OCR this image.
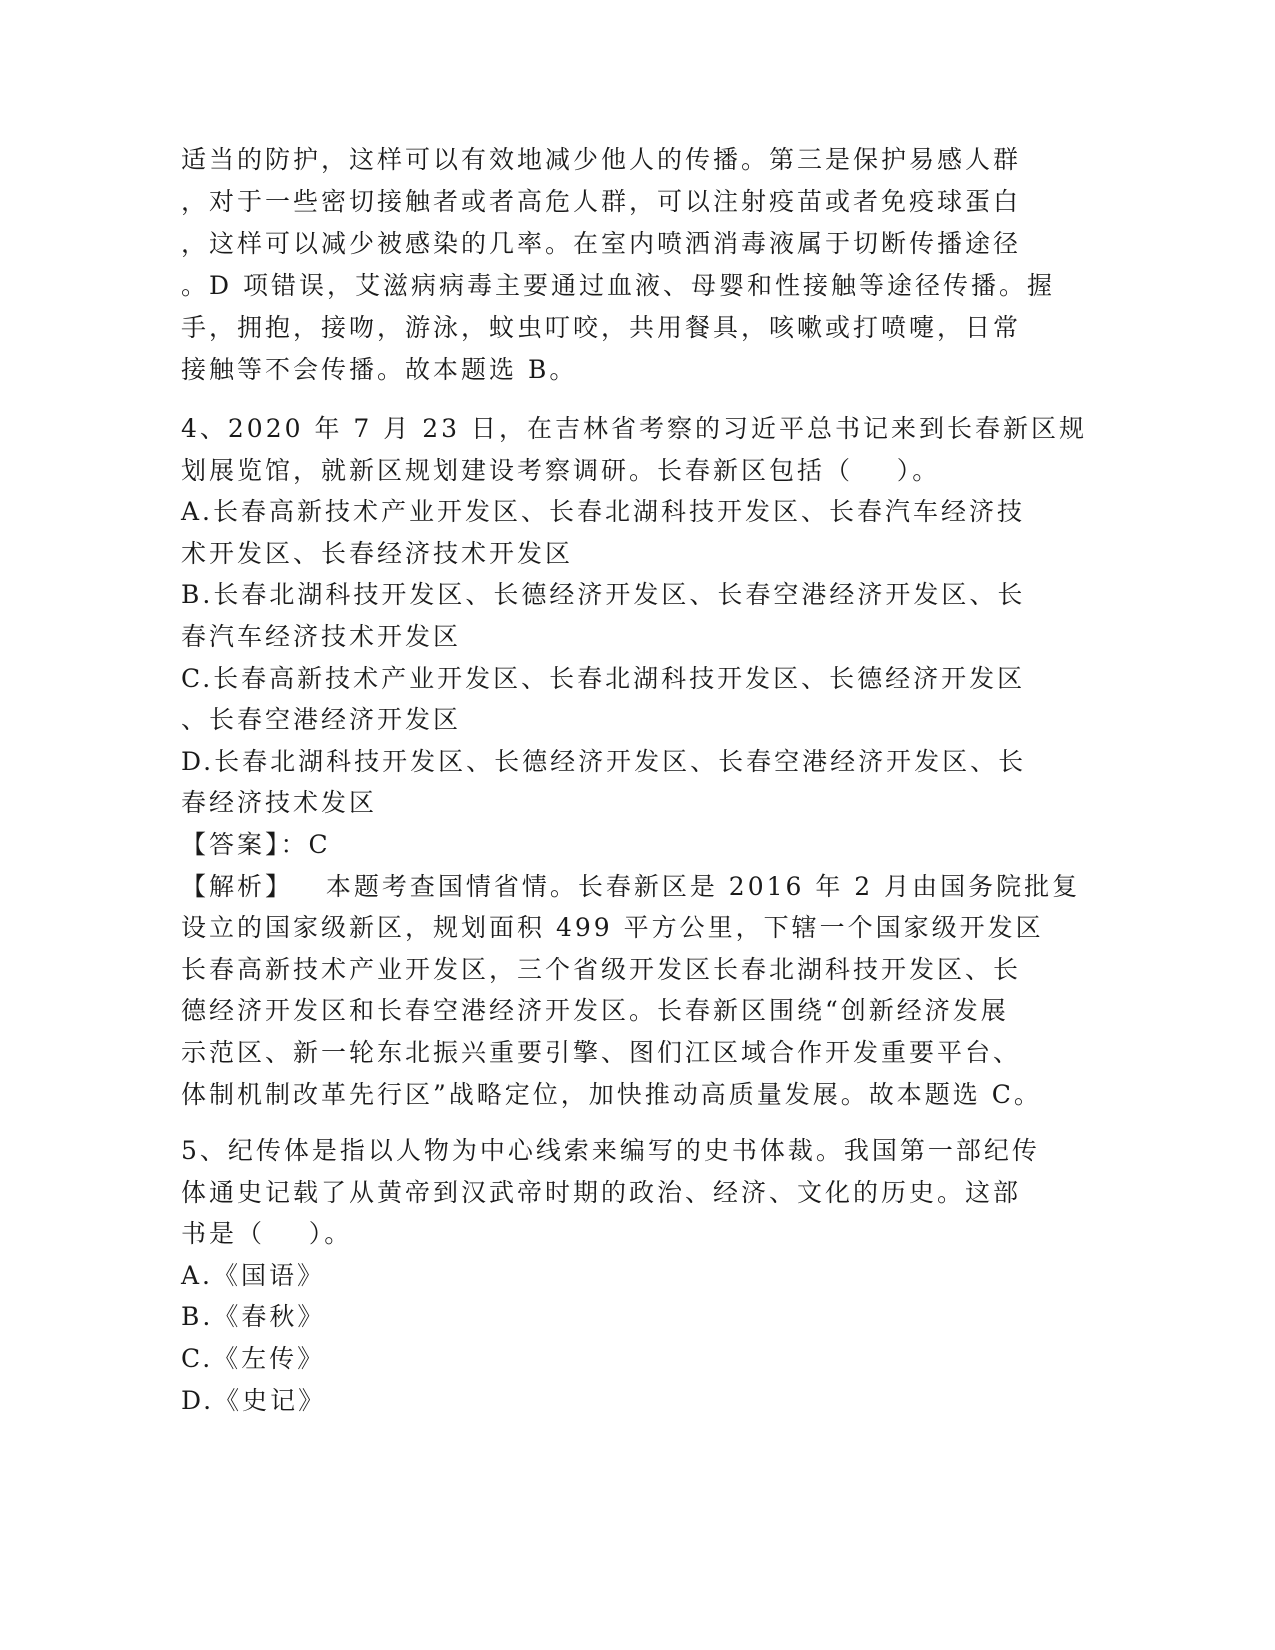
适当的防护，这样可以有效地减少他人的传播。第三是保护易感人群
，对于一些密切接触者或者高危人群，可以注射疫苗或者免疫球蛋白
，这样可以减少被感染的几率。在室内喷洒消毒液属于切断传播途径
。D 项错误，艾滋病病毒主要通过血液、母婴和性接触等途径传播。握
手，拥抱，接吻，游泳，蚊虫叮咬，共用餐具，咳嗽或打喷嚏，日常
接触等不会传播。故本题选 B。
4、2020 年 7 月 23 日，在吉林省考察的习近平总书记来到长春新区规
划展览馆，就新区规划建设考察调研。长春新区包括（    ）。
A.长春高新技术产业开发区、长春北湖科技开发区、长春汽车经济技
术开发区、长春经济技术开发区
B.长春北湖科技开发区、长德经济开发区、长春空港经济开发区、长
春汽车经济技术开发区
C.长春高新技术产业开发区、长春北湖科技开发区、长德经济开发区
、长春空港经济开发区
D.长春北湖科技开发区、长德经济开发区、长春空港经济开发区、长
春经济技术发区
【答案】：C
【解析】   本题考查国情省情。长春新区是 2016 年 2 月由国务院批复
设立的国家级新区，规划面积 499 平方公里，下辖一个国家级开发区
长春高新技术产业开发区，三个省级开发区长春北湖科技开发区、长
德经济开发区和长春空港经济开发区。长春新区围绕“创新经济发展
示范区、新一轮东北振兴重要引擎、图们江区域合作开发重要平台、
体制机制改革先行区”战略定位，加快推动高质量发展。故本题选 C。
5、纪传体是指以人物为中心线索来编写的史书体裁。我国第一部纪传
体通史记载了从黄帝到汉武帝时期的政治、经济、文化的历史。这部
书是（    ）。
A.《国语》
B.《春秋》
C.《左传》
D.《史记》
